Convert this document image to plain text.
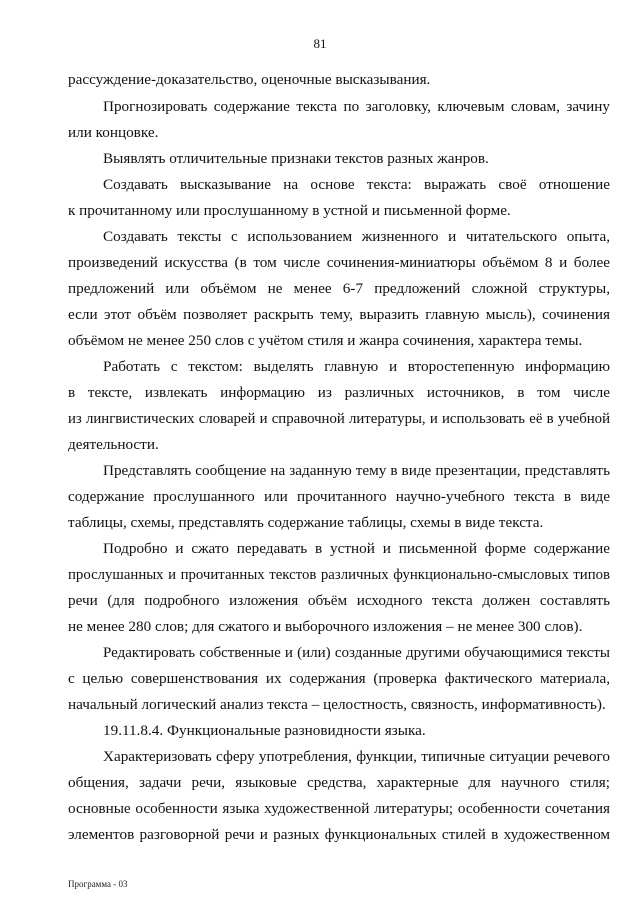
81
рассуждение-доказательство, оценочные высказывания.
Прогнозировать содержание текста по заголовку, ключевым словам, зачину
или концовке.
Выявлять отличительные признаки текстов разных жанров.
Создавать высказывание на основе текста: выражать своё отношение
к прочитанному или прослушанному в устной и письменной форме.
Создавать тексты с использованием жизненного и читательского опыта,
произведений искусства (в том числе сочинения-миниатюры объёмом 8 и более
предложений или объёмом не менее 6-7 предложений сложной структуры,
если этот объём позволяет раскрыть тему, выразить главную мысль), сочинения
объёмом не менее 250 слов с учётом стиля и жанра сочинения, характера темы.
Работать с текстом: выделять главную и второстепенную информацию
в тексте, извлекать информацию из различных источников, в том числе
из лингвистических словарей и справочной литературы, и использовать её в учебной
деятельности.
Представлять сообщение на заданную тему в виде презентации, представлять
содержание прослушанного или прочитанного научно-учебного текста в виде
таблицы, схемы, представлять содержание таблицы, схемы в виде текста.
Подробно и сжато передавать в устной и письменной форме содержание
прослушанных и прочитанных текстов различных функционально-смысловых типов
речи (для подробного изложения объём исходного текста должен составлять
не менее 280 слов; для сжатого и выборочного изложения – не менее 300 слов).
Редактировать собственные и (или) созданные другими обучающимися тексты
с целью совершенствования их содержания (проверка фактического материала,
начальный логический анализ текста – целостность, связность, информативность).
19.11.8.4. Функциональные разновидности языка.
Характеризовать сферу употребления, функции, типичные ситуации речевого
общения, задачи речи, языковые средства, характерные для научного стиля;
основные особенности языка художественной литературы; особенности сочетания
элементов разговорной речи и разных функциональных стилей в художественном
Программа - 03
